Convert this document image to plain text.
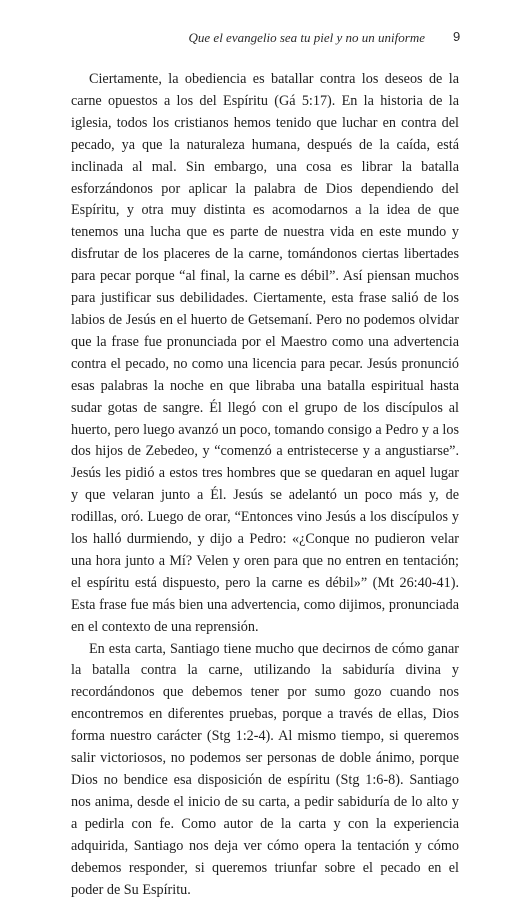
Que el evangelio sea tu piel y no un uniforme 9

Ciertamente, la obediencia es batallar contra los deseos de la carne opuestos a los del Espíritu (Gá 5:17). En la historia de la iglesia, todos los cristianos hemos tenido que luchar en contra del pecado, ya que la naturaleza humana, después de la caída, está inclinada al mal. Sin embargo, una cosa es librar la batalla esforzándonos por aplicar la palabra de Dios dependiendo del Espíritu, y otra muy distinta es acomodarnos a la idea de que tenemos una lucha que es parte de nuestra vida en este mundo y disfrutar de los placeres de la carne, tomándonos ciertas libertades para pecar porque “al final, la carne es débil”. Así piensan muchos para justificar sus debilidades. Ciertamente, esta frase salió de los labios de Jesús en el huerto de Getsemaní. Pero no podemos olvidar que la frase fue pronunciada por el Maestro como una advertencia contra el pecado, no como una licencia para pecar. Jesús pronunció esas palabras la noche en que libraba una batalla espiritual hasta sudar gotas de sangre. Él llegó con el grupo de los discípulos al huerto, pero luego avanzó un poco, tomando consigo a Pedro y a los dos hijos de Zebedeo, y “comenzó a entristecerse y a angustiarse”. Jesús les pidió a estos tres hombres que se quedaran en aquel lugar y que velaran junto a Él. Jesús se adelantó un poco más y, de rodillas, oró. Luego de orar, “Entonces vino Jesús a los discípulos y los halló durmiendo, y dijo a Pedro: «¿Conque no pudieron velar una hora junto a Mí? Velen y oren para que no entren en tentación; el espíritu está dispuesto, pero la carne es débil»” (Mt 26:40-41). Esta frase fue más bien una advertencia, como dijimos, pronunciada en el contexto de una reprensión.

En esta carta, Santiago tiene mucho que decirnos de cómo ganar la batalla contra la carne, utilizando la sabiduría divina y recordándonos que debemos tener por sumo gozo cuando nos encontremos en diferentes pruebas, porque a través de ellas, Dios forma nuestro carácter (Stg 1:2-4). Al mismo tiempo, si queremos salir victoriosos, no podemos ser personas de doble ánimo, porque Dios no bendice esa disposición de espíritu (Stg 1:6-8). Santiago nos anima, desde el inicio de su carta, a pedir sabiduría de lo alto y a pedirla con fe. Como autor de la carta y con la experiencia adquirida, Santiago nos deja ver cómo opera la tentación y cómo debemos responder, si queremos triunfar sobre el pecado en el poder de Su Espíritu.
